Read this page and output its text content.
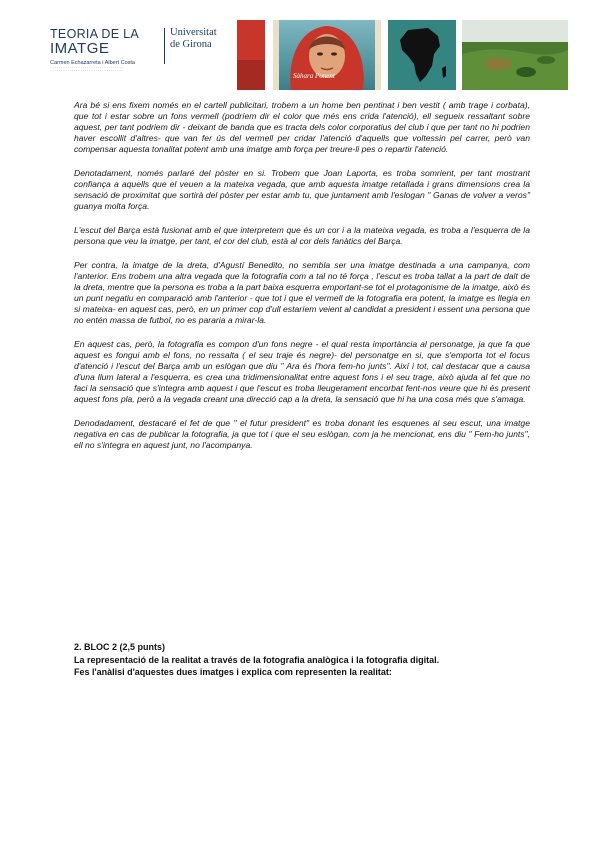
TEORIA DE LA
IMATGE
Carmen Echazarreta i Albert Costa
::::::::::::::::::::::::::::::::::
Universitat
de Girona
Sàhara Ponent

Ara bé si ens fixem només en el cartell publicitari, trobem a un home ben pentinat i ben vestit ( amb trage i corbata), que tot i estar sobre un fons vermell (podríem dir el color que més ens crida l'atenció), ell segueix ressaltant sobre aquest, per tant podriem dir - deixant de banda que es tracta dels color corporatius del club i que per tant no hi podrien haver escollit d'altres- que van fer ús del vermell per cridar l'atenció d'aquells que voltessin pel carrer, però van compensar aquesta tonalitat potent amb una imatge amb força per treure-li pes o repartir l'atenció.

Denotadament, només parlaré del pòster en si. Trobem que Joan Laporta, es troba somrient, per tant mostrant confiança a aquells que el veuen a la mateixa vegada, que amb aquesta imatge retallada i grans dimensions crea la sensació de proximitat que sortirà del pòster per estar amb tu, que juntament amb l'eslogan " Ganas de volver a veros" guanya molta força.

L'escut del Barça està fusionat amb el que interpretem que és un cor i a la mateixa vegada, es troba a l'esquerra de la persona que veu la imatge, per tant, el cor del club, està al cor dels fanàtics del Barça.

Per contra, la imatge de la dreta, d'Agustí Benedito, no sembla ser una imatge destinada a una campanya, com l'anterior. Ens trobem una altra vegada que la fotografia com a tal no té força , l'escut es troba tallat a la part de dalt de la dreta, mentre que la persona es troba a la part baixa esquerra emportant-se tot el protagonisme de la imatge, això és un punt negatiu en comparació amb l'anterior - que tot i que el vermell de la fotografia era potent, la imatge es llegia en si mateixa- en aquest cas, però, en un primer cop d'ull estaríem veient al candidat a president i essent una persona que no entén massa de futbol, no es pararia a mirar-la.

En aquest cas, però, la fotografia es compon d'un fons negre - el qual resta importància al personatge, ja que fa que aquest es fongui amb el fons, no ressalta ( el seu traje és negre)- del personatge en si, que s'emporta tot el focus d'atenció i l'escut del Barça amb un eslògan que diu " Ara és l'hora fem-ho junts". Així i tot, cal destacar que a causa d'una llum lateral a l'esquerra, es crea una tridimensionalitat entre aquest fons i el seu trage, això ajuda al fet que no faci la sensació que s'integra amb aquest i que l'escut es troba lleugerament encorbat fent-nos veure que hi és present aquest fons pla, però a la vegada creant una direcció cap a la dreta, la sensació que hi ha una cosa més que s'amaga.

Denodadament, destacaré el fet de que " el futur president" es troba donant les esquenes al seu escut, una imatge negativa en cas de publicar la fotografia, ja que tot i que el seu eslògan, com ja he mencionat, ens diu " Fem-ho junts", ell no s'integra en aquest junt, no l'acompanya.

2. BLOC 2 (2,5 punts)

La representació de la realitat a través de la fotografia analògica i la fotografia digital.

Fes l'anàlisi d'aquestes dues imatges i explica com representen la realitat:
